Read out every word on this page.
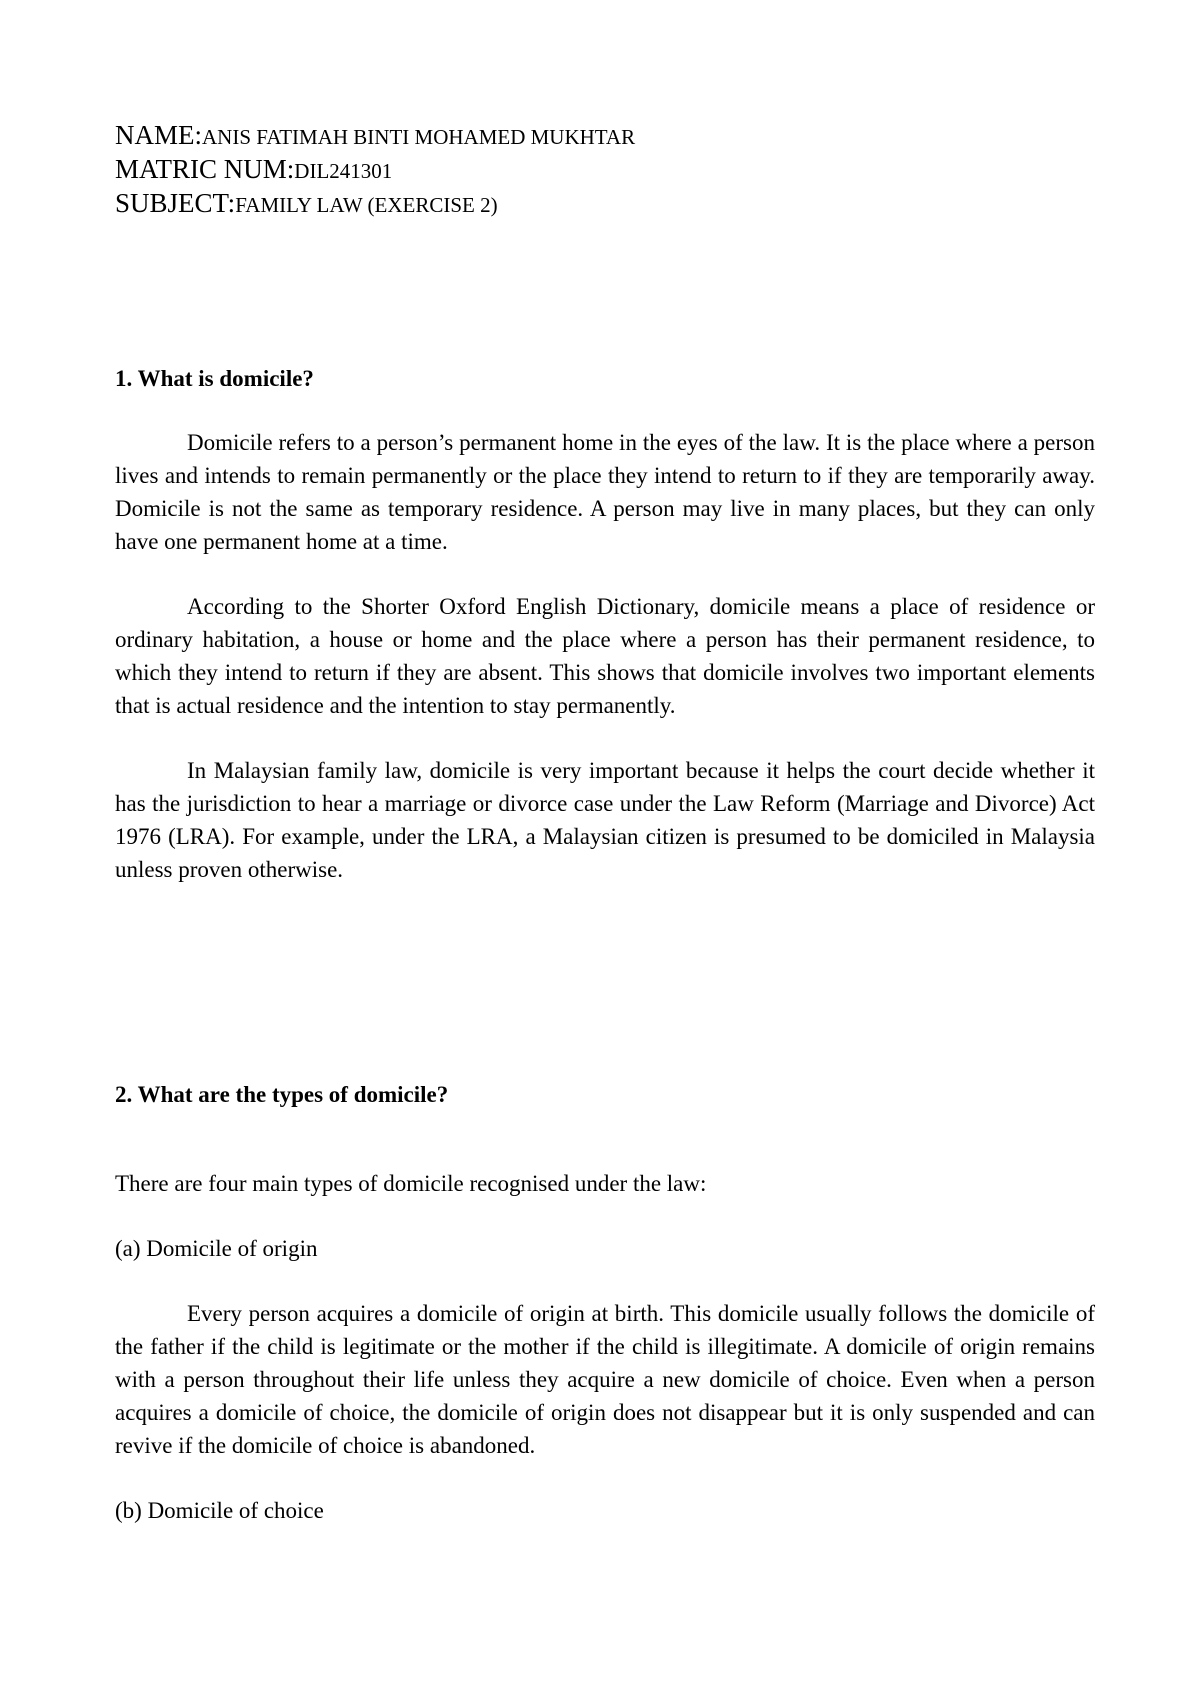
NAME:ANIS FATIMAH BINTI MOHAMED MUKHTAR
MATRIC NUM:DIL241301
SUBJECT:FAMILY LAW (EXERCISE 2)

1. What is domicile?

Domicile refers to a person’s permanent home in the eyes of the law. It is the place where a person lives and intends to remain permanently or the place they intend to return to if they are temporarily away. Domicile is not the same as temporary residence. A person may live in many places, but they can only have one permanent home at a time.

According to the Shorter Oxford English Dictionary, domicile means a place of residence or ordinary habitation, a house or home and the place where a person has their permanent residence, to which they intend to return if they are absent. This shows that domicile involves two important elements that is actual residence and the intention to stay permanently.

In Malaysian family law, domicile is very important because it helps the court decide whether it has the jurisdiction to hear a marriage or divorce case under the Law Reform (Marriage and Divorce) Act 1976 (LRA). For example, under the LRA, a Malaysian citizen is presumed to be domiciled in Malaysia unless proven otherwise.

2. What are the types of domicile?

There are four main types of domicile recognised under the law:

(a) Domicile of origin

Every person acquires a domicile of origin at birth. This domicile usually follows the domicile of the father if the child is legitimate or the mother if the child is illegitimate. A domicile of origin remains with a person throughout their life unless they acquire a new domicile of choice. Even when a person acquires a domicile of choice, the domicile of origin does not disappear but it is only suspended and can revive if the domicile of choice is abandoned.

(b) Domicile of choice
